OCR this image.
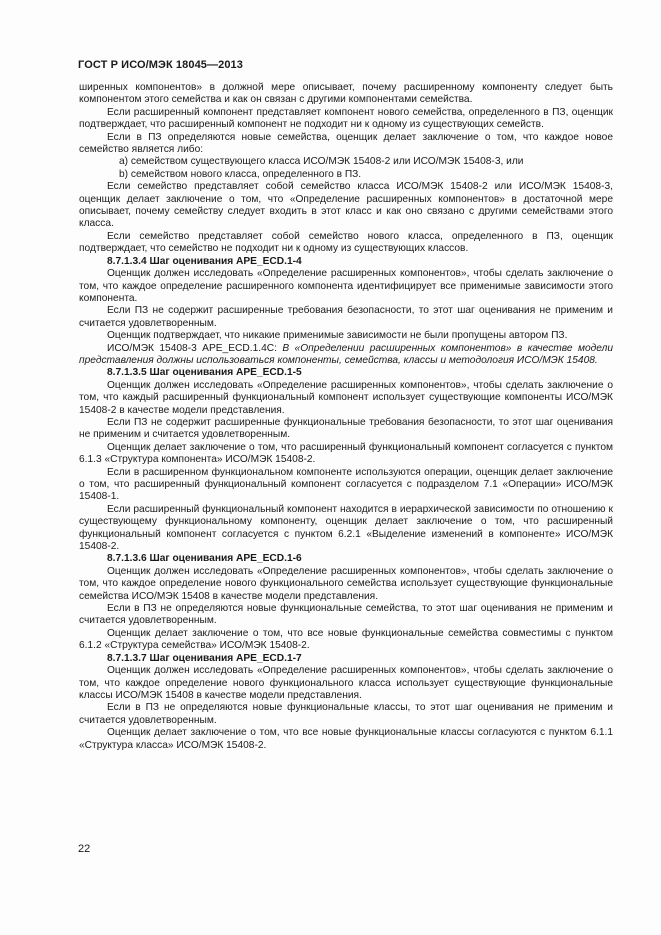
ГОСТ Р ИСО/МЭК 18045—2013

ширенных компонентов» в должной мере описывает, почему расширенному компоненту следует быть компонентом этого семейства и как он связан с другими компонентами семейства.

Если расширенный компонент представляет компонент нового семейства, определенного в ПЗ, оценщик подтверждает, что расширенный компонент не подходит ни к одному из существующих семейств.

Если в ПЗ определяются новые семейства, оценщик делает заключение о том, что каждое новое семейство является либо:

a) семейством существующего класса ИСО/МЭК 15408-2 или ИСО/МЭК 15408-3, или

b) семейством нового класса, определенного в ПЗ.

Если семейство представляет собой семейство класса ИСО/МЭК 15408-2 или ИСО/МЭК 15408-3, оценщик делает заключение о том, что «Определение расширенных компонентов» в достаточной мере описывает, почему семейству следует входить в этот класс и как оно связано с другими семействами этого класса.

Если семейство представляет собой семейство нового класса, определенного в ПЗ, оценщик подтверждает, что семейство не подходит ни к одному из существующих классов.

8.7.1.3.4 Шаг оценивания APE_ECD.1-4

Оценщик должен исследовать «Определение расширенных компонентов», чтобы сделать заключение о том, что каждое определение расширенного компонента идентифицирует все применимые зависимости этого компонента.

Если ПЗ не содержит расширенные требования безопасности, то этот шаг оценивания не применим и считается удовлетворенным.

Оценщик подтверждает, что никакие применимые зависимости не были пропущены автором ПЗ.

ИСО/МЭК 15408-3 APE_ECD.1.4C: В «Определении расширенных компонентов» в качестве модели представления должны использоваться компоненты, семейства, классы и методология ИСО/МЭК 15408.

8.7.1.3.5 Шаг оценивания APE_ECD.1-5

Оценщик должен исследовать «Определение расширенных компонентов», чтобы сделать заключение о том, что каждый расширенный функциональный компонент использует существующие компоненты ИСО/МЭК 15408-2 в качестве модели представления.

Если ПЗ не содержит расширенные функциональные требования безопасности, то этот шаг оценивания не применим и считается удовлетворенным.

Оценщик делает заключение о том, что расширенный функциональный компонент согласуется с пунктом 6.1.3 «Структура компонента» ИСО/МЭК 15408-2.

Если в расширенном функциональном компоненте используются операции, оценщик делает заключение о том, что расширенный функциональный компонент согласуется с подразделом 7.1 «Операции» ИСО/МЭК 15408-1.

Если расширенный функциональный компонент находится в иерархической зависимости по отношению к существующему функциональному компоненту, оценщик делает заключение о том, что расширенный функциональный компонент согласуется с пунктом 6.2.1 «Выделение изменений в компоненте» ИСО/МЭК 15408-2.

8.7.1.3.6 Шаг оценивания APE_ECD.1-6

Оценщик должен исследовать «Определение расширенных компонентов», чтобы сделать заключение о том, что каждое определение нового функционального семейства использует существующие функциональные семейства ИСО/МЭК 15408 в качестве модели представления.

Если в ПЗ не определяются новые функциональные семейства, то этот шаг оценивания не применим и считается удовлетворенным.

Оценщик делает заключение о том, что все новые функциональные семейства совместимы с пунктом 6.1.2 «Структура семейства» ИСО/МЭК 15408-2.

8.7.1.3.7 Шаг оценивания APE_ECD.1-7

Оценщик должен исследовать «Определение расширенных компонентов», чтобы сделать заключение о том, что каждое определение нового функционального класса использует существующие функциональные классы ИСО/МЭК 15408 в качестве модели представления.

Если в ПЗ не определяются новые функциональные классы, то этот шаг оценивания не применим и считается удовлетворенным.

Оценщик делает заключение о том, что все новые функциональные классы согласуются с пунктом 6.1.1 «Структура класса» ИСО/МЭК 15408-2.

22
